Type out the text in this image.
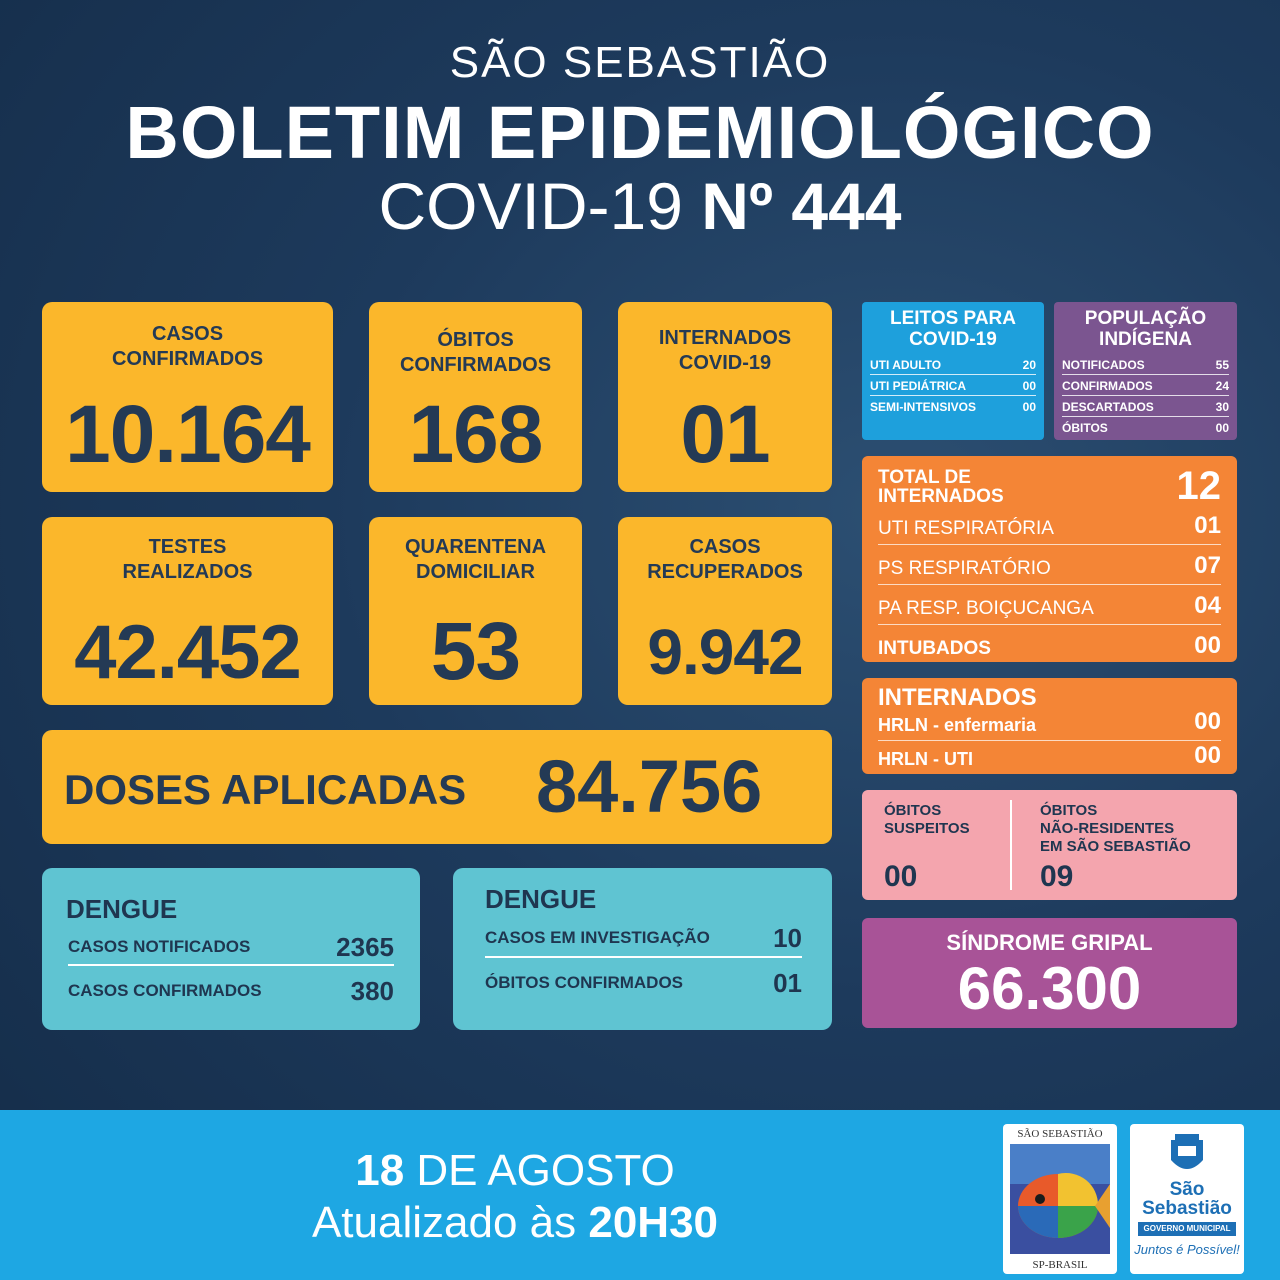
SÃO SEBASTIÃO
BOLETIM EPIDEMIOLÓGICO
COVID-19 Nº 444
CASOS
CONFIRMADOS
10.164
ÓBITOS
CONFIRMADOS
168
INTERNADOS
COVID-19
01
TESTES
REALIZADOS
42.452
QUARENTENA
DOMICILIAR
53
CASOS
RECUPERADOS
9.942
DOSES APLICADAS 84.756
LEITOS PARA
COVID-19
UTI ADULTO	20
UTI PEDIÁTRICA	00
SEMI-INTENSIVOS	00
POPULAÇÃO
INDÍGENA
NOTIFICADOS	55
CONFIRMADOS	24
DESCARTADOS	30
ÓBITOS	00
TOTAL DE
INTERNADOS	12
UTI RESPIRATÓRIA	01
PS RESPIRATÓRIO	07
PA RESP. BOIÇUCANGA	04
INTUBADOS	00
INTERNADOS
HRLN - enfermaria	00
HRLN - UTI	00
ÓBITOS
SUSPEITOS
00
ÓBITOS
NÃO-RESIDENTES
EM SÃO SEBASTIÃO
09
SÍNDROME GRIPAL
66.300
DENGUE
CASOS NOTIFICADOS	2365
CASOS CONFIRMADOS	380
DENGUE
CASOS EM INVESTIGAÇÃO 10
ÓBITOS CONFIRMADOS	01
18 DE AGOSTO
Atualizado às 20H30
SÃO SEBASTIÃO
SP-BRASIL
São
Sebastião
GOVERNO MUNICIPAL
Juntos é Possível!
